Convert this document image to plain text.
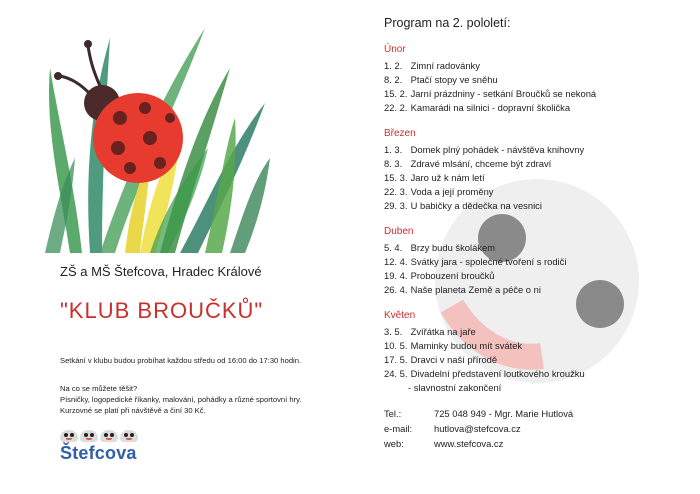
ZŠ a MŠ Štefcova, Hradec Králové
"KLUB BROUČKŮ"
Setkání v klubu budou probíhat každou středu od 16:00 do 17:30 hodin.
Na co se můžete těšit?
Písničky, logopedické říkanky, malování, pohádky a různé sportovní hry.
Kurzovné se platí při návštěvě a činí 30 Kč.
Štefcova
Program na 2. pololetí:
Únor
1. 2. Zimní radovánky
8. 2. Ptačí stopy ve sněhu
15. 2. Jarní prázdniny - setkání Broučků se nekoná
22. 2. Kamarádi na silnici - dopravní školička
Březen
1. 3. Domek plný pohádek - návštěva knihovny
8. 3. Zdravé mlsání, chceme být zdraví
15. 3. Jaro už k nám letí
22. 3. Voda a její proměny
29. 3. U babičky a dědečka na vesnici
Duben
5. 4. Brzy budu školákem
12. 4. Svátky jara - společné tvoření s rodiči
19. 4. Probouzení broučků
26. 4. Naše planeta Země a péče o ni
Květen
3. 5. Zvířátka na jaře
10. 5. Maminky budou mít svátek
17. 5. Dravci v naší přírodě
24. 5. Divadelní představení loutkového kroužku
- slavnostní zakončení
Tel.:	725 048 949 - Mgr. Marie Hutlová
e-mail: hutlova@stefcova.cz
web:	www.stefcova.cz
